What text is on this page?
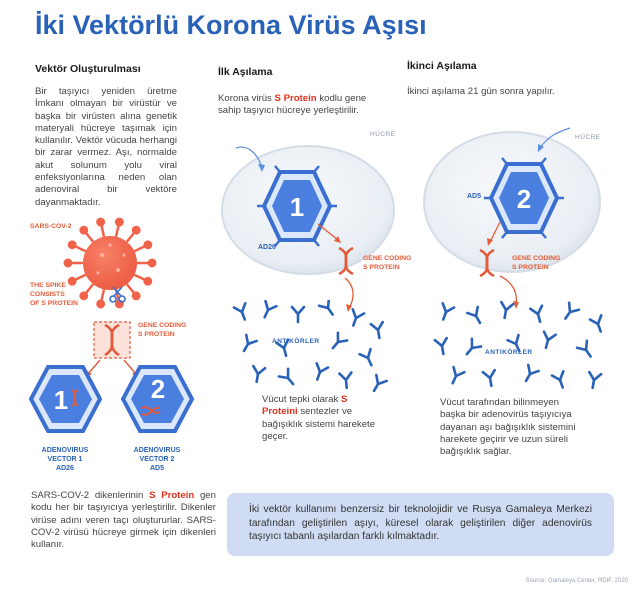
İki Vektörlü Korona Virüs Aşısı
Vektör Oluşturulması
Bir taşıyıcı yeniden üretme İmkanı olmayan bir virüstür ve başka bir virüsten alına genetik materyali hücreye taşımak için kullanılır. Vektör vücuda herhangi bir zarar vermez. Aşı, normalde akut solunum yolu viral enfeksiyonlarına neden olan adenoviral bir vektöre dayanmaktadır.
SARS-COV-2
THE SPIKE
CONSISTS
OF S PROTEIN
GENE CODING
S PROTEIN
1	2
ADENOVIRUS
VECTOR 1
AD26
ADENOVIRUS
VECTOR 2
AD5
SARS-COV-2 dikenlerinin S Protein gen kodu her bir taşıyıcıya yerleştirilir. Dikenler virüse adını veren taçı oluştururlar. SARS-COV-2 virüsü hücreye girmek için dikenleri kullanır.
İlk Aşılama
Korona virüs S Protein kodlu gene sahip taşıyıcı hücreye yerleştirilir.
1
HÜCRE
AD26
GENE CODING
S PROTEIN
ANTIKÖRLER
Vücut tepki olarak S Proteini sentezler ve bağışıklık sistemi harekete geçer.
İkinci Aşılama
İkinci aşılama 21 gün sonra yapılır.
2
HÜCRE
AD5
GENE CODING
S PROTEIN
ANTIKÖRLER
Vücut tarafından bilinmeyen başka bir adenovirüs taşıyıcıya dayanan aşı bağışıklık sistemini harekete geçirir ve uzun süreli bağışıklık sağlar.
İki vektör kullanımı benzersiz bir teknolojidir ve Rusya Gamaleya Merkezi tarafından geliştirilen aşıyı, küresel olarak geliştirilen diğer adenovirüs taşıyıcı tabanlı aşılardan farklı kılmaktadır.
Source: Gamaleya Center, RDIF, 2020
